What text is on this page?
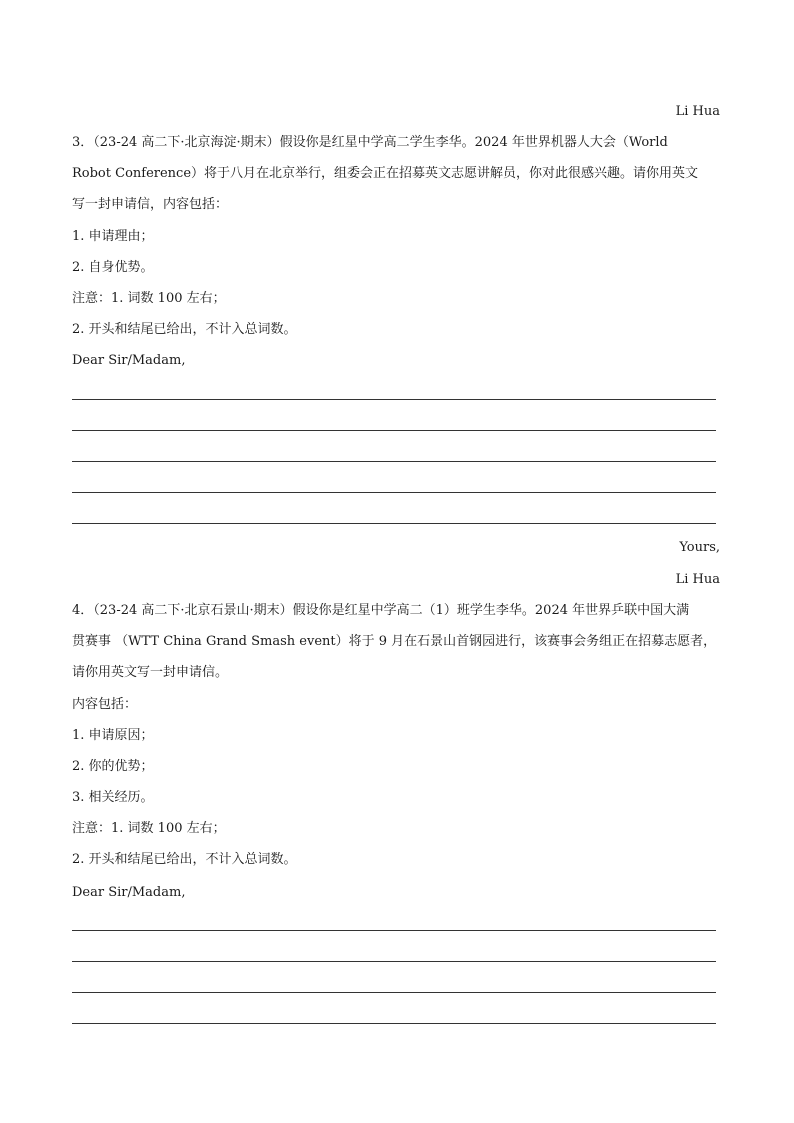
Li Hua
3．（23-24 高二下·北京海淀·期末）假设你是红星中学高二学生李华。2024 年世界机器人大会（World
Robot Conference）将于八月在北京举行，组委会正在招募英文志愿讲解员，你对此很感兴趣。请你用英文
写一封申请信，内容包括：
1. 申请理由；
2. 自身优势。
注意：1. 词数 100 左右；
2. 开头和结尾已给出，不计入总词数。
Dear Sir/Madam,
Yours,
Li Hua
4．（23-24 高二下·北京石景山·期末）假设你是红星中学高二（1）班学生李华。2024 年世界乒联中国大满
贯赛事 （WTT China Grand Smash event）将于 9 月在石景山首钢园进行，该赛事会务组正在招募志愿者，
请你用英文写一封申请信。
内容包括：
1. 申请原因；
2. 你的优势；
3. 相关经历。
注意：1. 词数 100 左右；
2. 开头和结尾已给出，不计入总词数。
Dear Sir/Madam,
